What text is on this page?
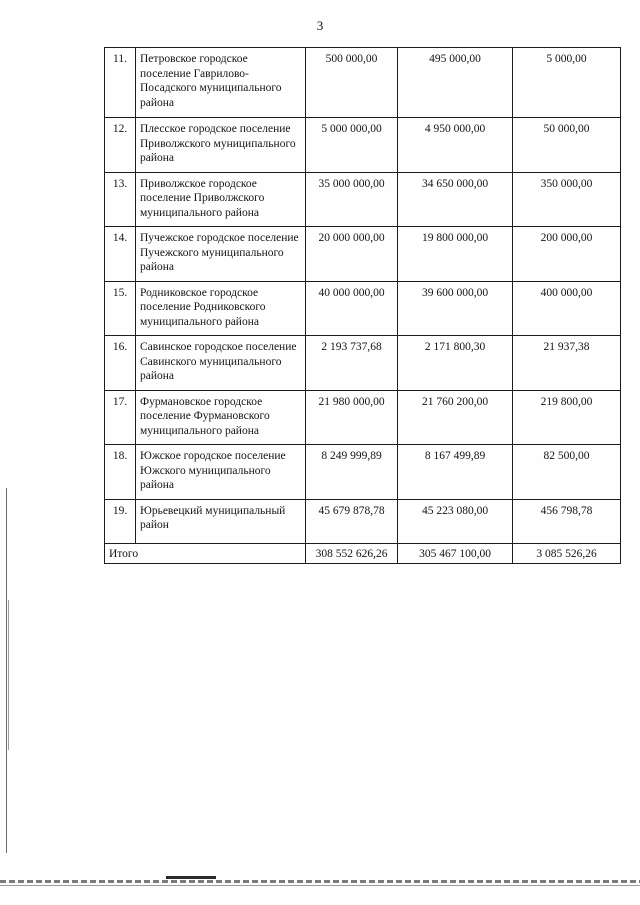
3
11.	Петровское городское поселение Гаврилово-Посадского муниципального района	500 000,00	495 000,00	5 000,00
12.	Плесское городское поселение Приволжского муниципального района	5 000 000,00	4 950 000,00	50 000,00
13.	Приволжское городское поселение Приволжского муниципального района	35 000 000,00	34 650 000,00	350 000,00
14.	Пучежское городское поселение Пучежского муниципального района	20 000 000,00	19 800 000,00	200 000,00
15.	Родниковское городское поселение Родниковского муниципального района	40 000 000,00	39 600 000,00	400 000,00
16.	Савинское городское поселение Савинского муниципального района	2 193 737,68	2 171 800,30	21 937,38
17.	Фурмановское городское поселение Фурмановского муниципального района	21 980 000,00	21 760 200,00	219 800,00
18.	Южское городское поселение Южского муниципального района	8 249 999,89	8 167 499,89	82 500,00
19.	Юрьевецкий муниципальный район	45 679 878,78	45 223 080,00	456 798,78
Итого		308 552 626,26	305 467 100,00	3 085 526,26
